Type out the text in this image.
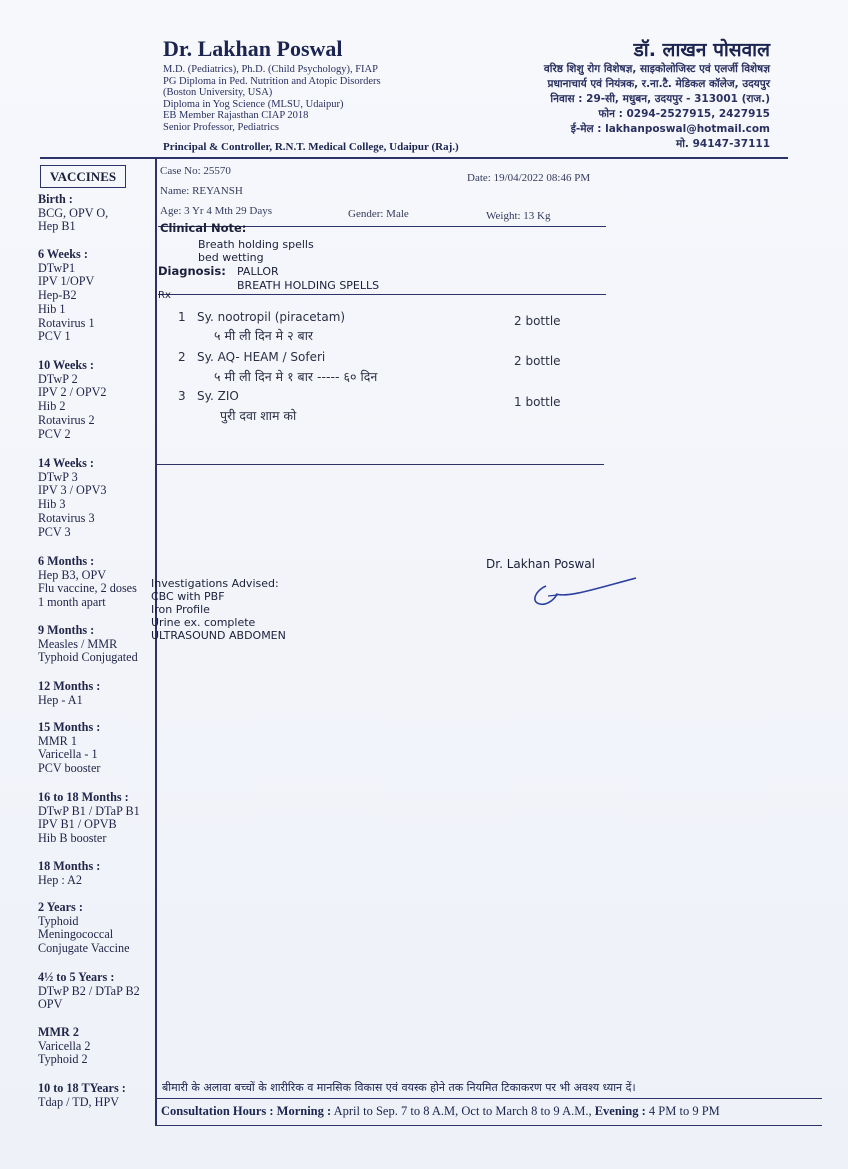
Dr. Lakhan Poswal
M.D. (Pediatrics), Ph.D. (Child Psychology), FIAP
PG Diploma in Ped. Nutrition and Atopic Disorders
(Boston University, USA)
Diploma in Yog Science (MLSU, Udaipur)
EB Member Rajasthan CIAP 2018
Senior Professor, Pediatrics
Principal & Controller, R.N.T. Medical College, Udaipur (Raj.)
डॉ. लाखन पोसवाल
वरिष्ठ शिशु रोग विशेषज्ञ, साइकोलोजिस्ट एवं एलर्जी विशेषज्ञ
प्रधानाचार्य एवं नियंत्रक, र.ना.टै. मेडिकल कॉलेज, उदयपुर
निवास : 29-सी, मधुबन, उदयपुर - 313001 (राज.)
फोन : 0294-2527915, 2427915
ई-मेल : lakhanposwal@hotmail.com
मो. 94147-37111
VACCINES
Birth :
BCG, OPV O,
Hep B1
6 Weeks :
DTwP1
IPV 1/OPV
Hep-B2
Hib 1
Rotavirus 1
PCV 1
10 Weeks :
DTwP 2
IPV 2 / OPV2
Hib 2
Rotavirus 2
PCV 2
14 Weeks :
DTwP 3
IPV 3 / OPV3
Hib 3
Rotavirus 3
PCV 3
6 Months :
Hep B3, OPV
Flu vaccine, 2 doses
1 month apart
9 Months :
Measles / MMR
Typhoid Conjugated
12 Months :
Hep - A1
15 Months :
MMR 1
Varicella - 1
PCV booster
16 to 18 Months :
DTwP B1 / DTaP B1
IPV B1 / OPVB
Hib B booster
18 Months :
Hep : A2
2 Years :
Typhoid
Meningococcal
Conjugate Vaccine
4½ to 5 Years :
DTwP B2 / DTaP B2
OPV
MMR 2
Varicella 2
Typhoid 2
10 to 18 TYears :
Tdap / TD, HPV
Case No: 25570
Date: 19/04/2022 08:46 PM
Name: REYANSH
Age: 3 Yr 4 Mth 29 Days	Gender: Male	Weight: 13 Kg
Clinical Note:
Breath holding spells
bed wetting
Diagnosis: PALLOR
BREATH HOLDING SPELLS
Rx
1 Sy. nootropil (piracetam)
५ मी ली दिन मे २ बार
2 bottle
2 Sy. AQ- HEAM / Soferi
५ मी ली दिन मे १ बार ----- ६० दिन
2 bottle
3 Sy. ZIO
पुरी दवा शाम को
1 bottle
Dr. Lakhan Poswal
Investigations Advised:
CBC with PBF
Iron Profile
Urine ex. complete
ULTRASOUND ABDOMEN
बीमारी के अलावा बच्चों के शारीरिक व मानसिक विकास एवं वयस्क होने तक नियमित टिकाकरण पर भी अवश्य ध्यान दें।
Consultation Hours : Morning : April to Sep. 7 to 8 A.M, Oct to March 8 to 9 A.M., Evening : 4 PM to 9 PM
